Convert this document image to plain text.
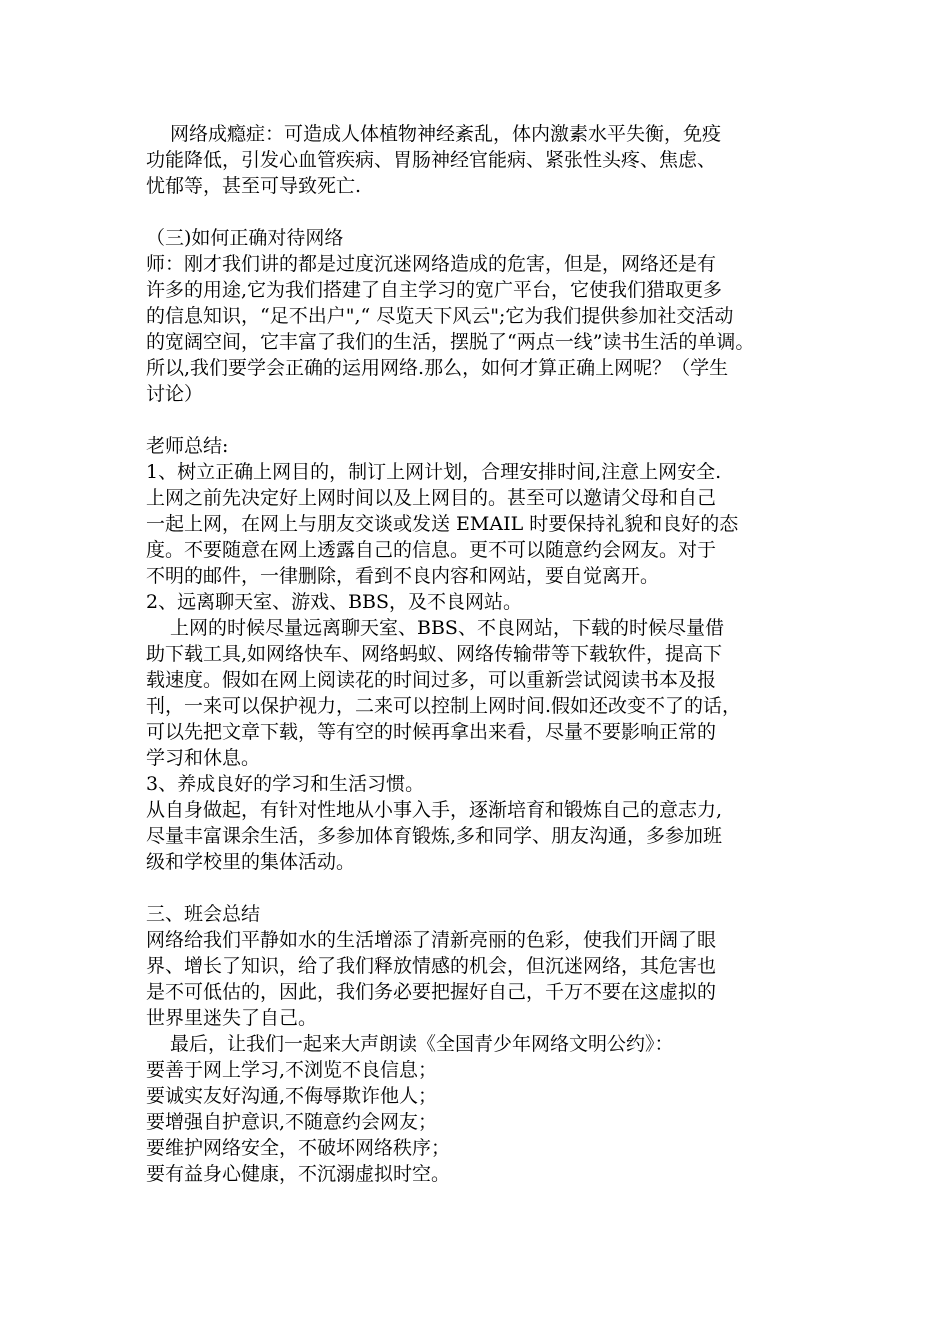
网络成瘾症：可造成人体植物神经紊乱，体内激素水平失衡，免疫
功能降低，引发心血管疾病、胃肠神经官能病、紧张性头疼、焦虑、
忧郁等，甚至可导致死亡.
（三)如何正确对待网络
师：刚才我们讲的都是过度沉迷网络造成的危害，但是，网络还是有
许多的用途,它为我们搭建了自主学习的宽广平台，它使我们猎取更多
的信息知识，“足不出户",“ 尽览天下风云";它为我们提供参加社交活动
的宽阔空间，它丰富了我们的生活，摆脱了“两点一线”读书生活的单调。
所以,我们要学会正确的运用网络.那么，如何才算正确上网呢？（学生
讨论）
老师总结:
1、树立正确上网目的，制订上网计划，合理安排时间,注意上网安全.
上网之前先决定好上网时间以及上网目的。甚至可以邀请父母和自己
一起上网，在网上与朋友交谈或发送 EMAIL 时要保持礼貌和良好的态
度。不要随意在网上透露自己的信息。更不可以随意约会网友。对于
不明的邮件，一律删除，看到不良内容和网站，要自觉离开。
2、远离聊天室、游戏、BBS，及不良网站。
上网的时候尽量远离聊天室、BBS、不良网站，下载的时候尽量借
助下载工具,如网络快车、网络蚂蚁、网络传输带等下载软件，提高下
载速度。假如在网上阅读花的时间过多，可以重新尝试阅读书本及报
刊，一来可以保护视力，二来可以控制上网时间.假如还改变不了的话，
可以先把文章下载，等有空的时候再拿出来看，尽量不要影响正常的
学习和休息。
3、养成良好的学习和生活习惯。
从自身做起，有针对性地从小事入手，逐渐培育和锻炼自己的意志力,
尽量丰富课余生活，多参加体育锻炼,多和同学、朋友沟通，多参加班
级和学校里的集体活动。
三、班会总结
网络给我们平静如水的生活增添了清新亮丽的色彩，使我们开阔了眼
界、增长了知识，给了我们释放情感的机会，但沉迷网络，其危害也
是不可低估的，因此，我们务必要把握好自己，千万不要在这虚拟的
世界里迷失了自己。
最后，让我们一起来大声朗读《全国青少年网络文明公约》：
要善于网上学习,不浏览不良信息；
要诚实友好沟通,不侮辱欺诈他人；
要增强自护意识,不随意约会网友；
要维护网络安全，不破坏网络秩序；
要有益身心健康，不沉溺虚拟时空。
